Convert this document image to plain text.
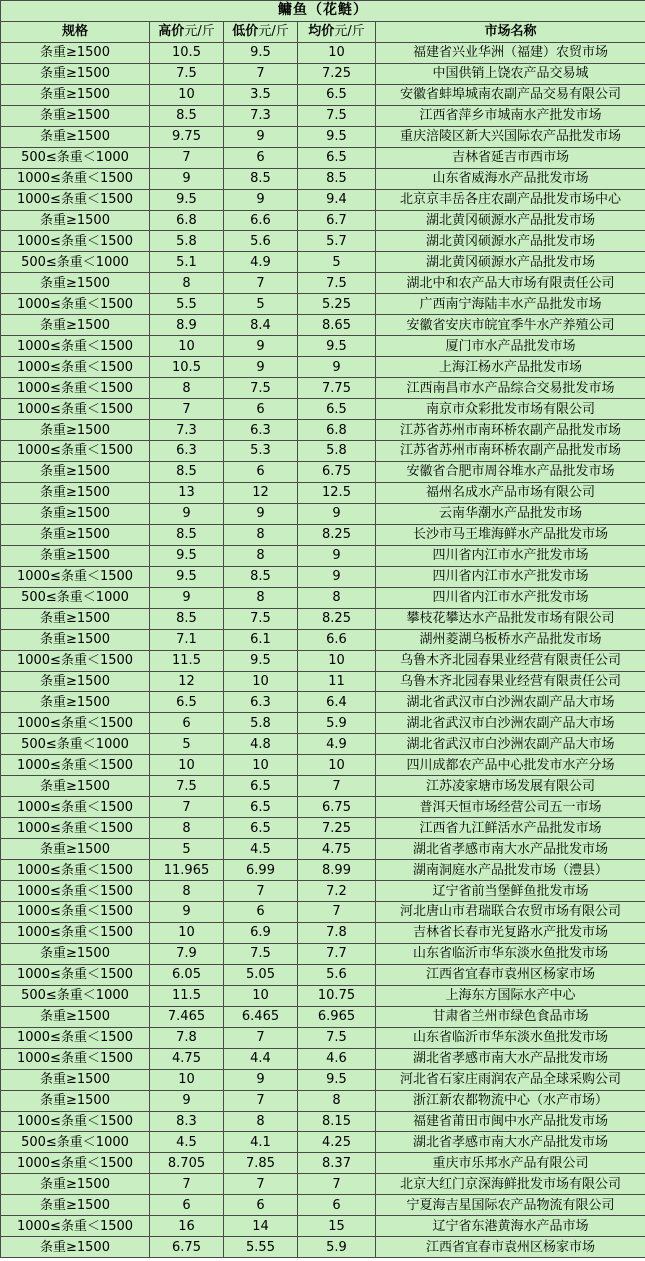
鳙鱼（花鲢）				
规格	高价元/斤	低价元/斤	均价元/斤	市场名称
条重≥1500	10.5	9.5	10	福建省兴业华洲（福建）农贸市场
条重≥1500	7.5	7	7.25	中国供销上饶农产品交易城
条重≥1500	10	3.5	6.5	安徽省蚌埠城南农副产品交易有限公司
条重≥1500	8.5	7.3	7.5	江西省萍乡市城南水产批发市场
条重≥1500	9.75	9	9.5	重庆涪陵区新大兴国际农产品批发市场
500≤条重＜1000	7	6	6.5	吉林省延吉市西市场
1000≤条重＜1500	9	8.5	8.5	山东省威海水产品批发市场
1000≤条重＜1500	9.5	9	9.4	北京京丰岳各庄农副产品批发市场中心
条重≥1500	6.8	6.6	6.7	湖北黄冈硕源水产品批发市场
1000≤条重＜1500	5.8	5.6	5.7	湖北黄冈硕源水产品批发市场
500≤条重＜1000	5.1	4.9	5	湖北黄冈硕源水产品批发市场
条重≥1500	8	7	7.5	湖北中和农产品大市场有限责任公司
1000≤条重＜1500	5.5	5	5.25	广西南宁海陆丰水产品批发市场
条重≥1500	8.9	8.4	8.65	安徽省安庆市皖宜季牛水产养殖公司
1000≤条重＜1500	10	9	9.5	厦门市水产品批发市场
1000≤条重＜1500	10.5	9	9	上海江杨水产品批发市场
1000≤条重＜1500	8	7.5	7.75	江西南昌市水产品综合交易批发市场
1000≤条重＜1500	7	6	6.5	南京市众彩批发市场有限公司
条重≥1500	7.3	6.3	6.8	江苏省苏州市南环桥农副产品批发市场
1000≤条重＜1500	6.3	5.3	5.8	江苏省苏州市南环桥农副产品批发市场
条重≥1500	8.5	6	6.75	安徽省合肥市周谷堆水产品批发市场
条重≥1500	13	12	12.5	福州名成水产品市场有限公司
条重≥1500	9	9	9	云南华潮水产品批发市场
条重≥1500	8.5	8	8.25	长沙市马王堆海鲜水产品批发市场
条重≥1500	9.5	8	9	四川省内江市水产批发市场
1000≤条重＜1500	9.5	8.5	9	四川省内江市水产批发市场
500≤条重＜1000	9	8	8	四川省内江市水产批发市场
条重≥1500	8.5	7.5	8.25	攀枝花攀达水产品批发市场有限公司
条重≥1500	7.1	6.1	6.6	湖州菱湖乌板桥水产品批发市场
1000≤条重＜1500	11.5	9.5	10	乌鲁木齐北园春果业经营有限责任公司
条重≥1500	12	10	11	乌鲁木齐北园春果业经营有限责任公司
条重≥1500	6.5	6.3	6.4	湖北省武汉市白沙洲农副产品大市场
1000≤条重＜1500	6	5.8	5.9	湖北省武汉市白沙洲农副产品大市场
500≤条重＜1000	5	4.8	4.9	湖北省武汉市白沙洲农副产品大市场
1000≤条重＜1500	10	10	10	四川成都农产品中心批发市水产分场
条重≥1500	7.5	6.5	7	江苏凌家塘市场发展有限公司
1000≤条重＜1500	7	6.5	6.75	普洱天恒市场经营公司五一市场
1000≤条重＜1500	8	6.5	7.25	江西省九江鲜活水产品批发市场
条重≥1500	5	4.5	4.75	湖北省孝感市南大水产品批发市场
1000≤条重＜1500	11.965	6.99	8.99	湖南洞庭水产品批发市场（澧县）
1000≤条重＜1500	8	7	7.2	辽宁省前当堡鲜鱼批发市场
1000≤条重＜1500	9	6	7	河北唐山市君瑞联合农贸市场有限公司
1000≤条重＜1500	10	6.9	7.8	吉林省长春市光复路水产批发市场
条重≥1500	7.9	7.5	7.7	山东省临沂市华东淡水鱼批发市场
1000≤条重＜1500	6.05	5.05	5.6	江西省宜春市袁州区杨家市场
500≤条重＜1000	11.5	10	10.75	上海东方国际水产中心
条重≥1500	7.465	6.465	6.965	甘肃省兰州市绿色食品市场
1000≤条重＜1500	7.8	7	7.5	山东省临沂市华东淡水鱼批发市场
1000≤条重＜1500	4.75	4.4	4.6	湖北省孝感市南大水产品批发市场
条重≥1500	10	9	9.5	河北省石家庄雨润农产品全球采购公司
条重≥1500	9	7	8	浙江新农都物流中心（水产市场）
1000≤条重＜1500	8.3	8	8.15	福建省莆田市闽中水产品批发市场
500≤条重＜1000	4.5	4.1	4.25	湖北省孝感市南大水产品批发市场
1000≤条重＜1500	8.705	7.85	8.37	重庆市乐邦水产品有限公司
条重≥1500	7	7	7	北京大红门京深海鲜批发市场有限公司
条重≥1500	6	6	6	宁夏海吉星国际农产品物流有限公司
1000≤条重＜1500	16	14	15	辽宁省东港黄海水产品市场
条重≥1500	6.75	5.55	5.9	江西省宜春市袁州区杨家市场
